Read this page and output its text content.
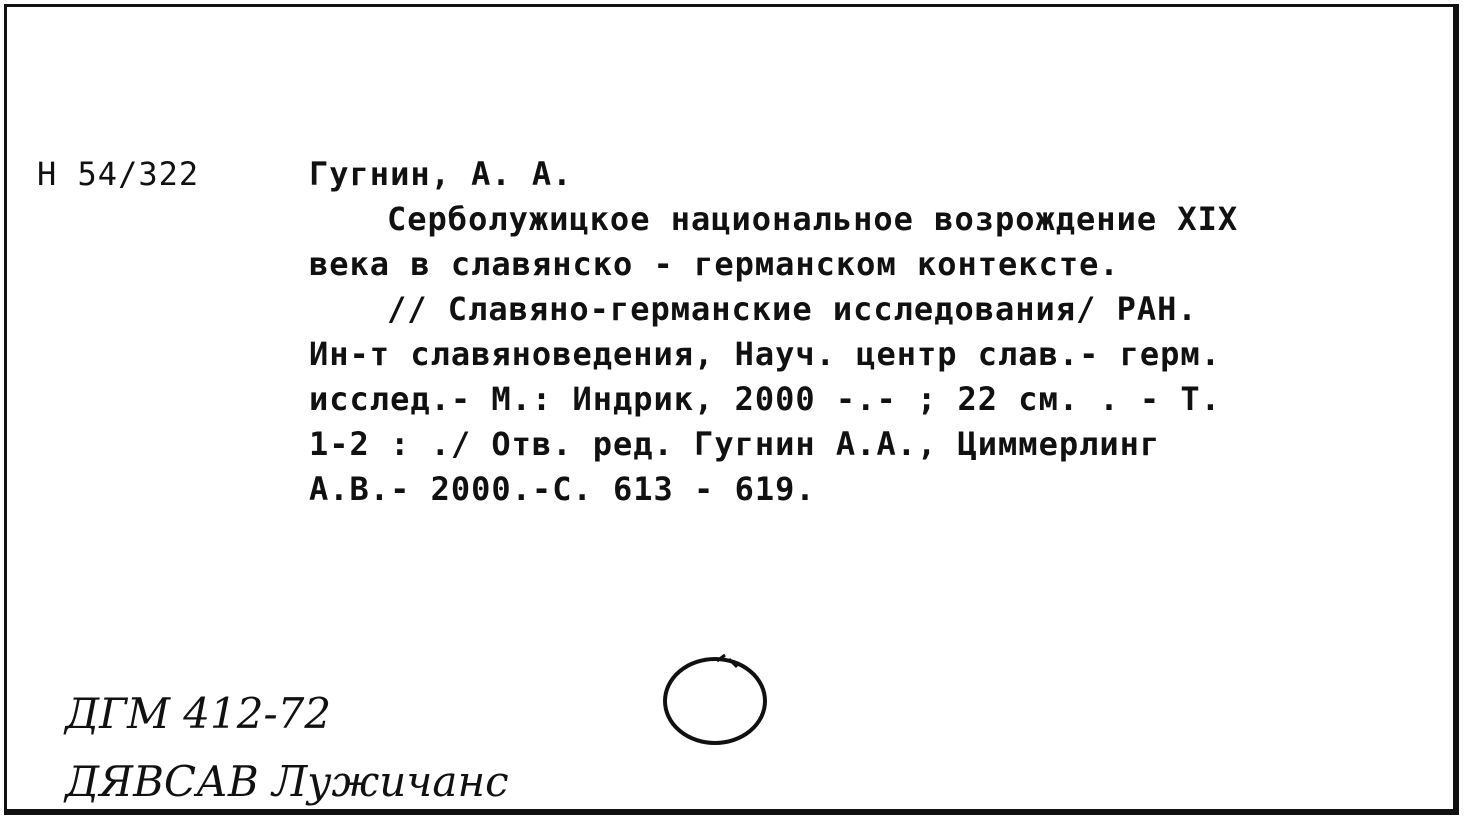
Н 54/322	Гугнин, А. А.
Серболужицкое национальное возрождение XIX
века в славянско - германском контексте.
// Славяно-германские исследования/ РАН.
Ин-т славяноведения, Науч. центр слав.- герм.
исслед.- М.: Индрик, 2000 -.- ; 22 см. . - Т.
1-2 : ./ Отв. ред. Гугнин А.А., Циммерлинг
А.В.- 2000.-С. 613 - 619.
ДГМ 412-72
ДЯВСАВ Лужичанс
